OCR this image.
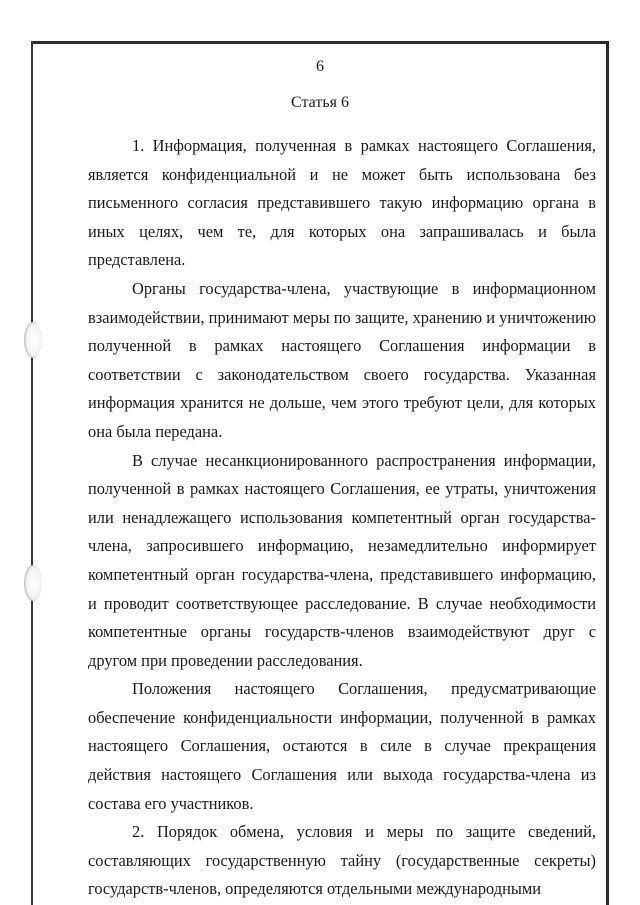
6
Статья 6

1. Информация, полученная в рамках настоящего Соглашения, является конфиденциальной и не может быть использована без письменного согласия представившего такую информацию органа в иных целях, чем те, для которых она запрашивалась и была представлена.

Органы государства-члена, участвующие в информационном взаимодействии, принимают меры по защите, хранению и уничтожению полученной в рамках настоящего Соглашения информации в соответствии с законодательством своего государства. Указанная информация хранится не дольше, чем этого требуют цели, для которых она была передана.

В случае несанкционированного распространения информации, полученной в рамках настоящего Соглашения, ее утраты, уничтожения или ненадлежащего использования компетентный орган государства-члена, запросившего информацию, незамедлительно информирует компетентный орган государства-члена, представившего информацию, и проводит соответствующее расследование. В случае необходимости компетентные органы государств-членов взаимодействуют друг с другом при проведении расследования.

Положения настоящего Соглашения, предусматривающие обеспечение конфиденциальности информации, полученной в рамках настоящего Соглашения, остаются в силе в случае прекращения действия настоящего Соглашения или выхода государства-члена из состава его участников.

2. Порядок обмена, условия и меры по защите сведений, составляющих государственную тайну (государственные секреты) государств-членов, определяются отдельными международными
